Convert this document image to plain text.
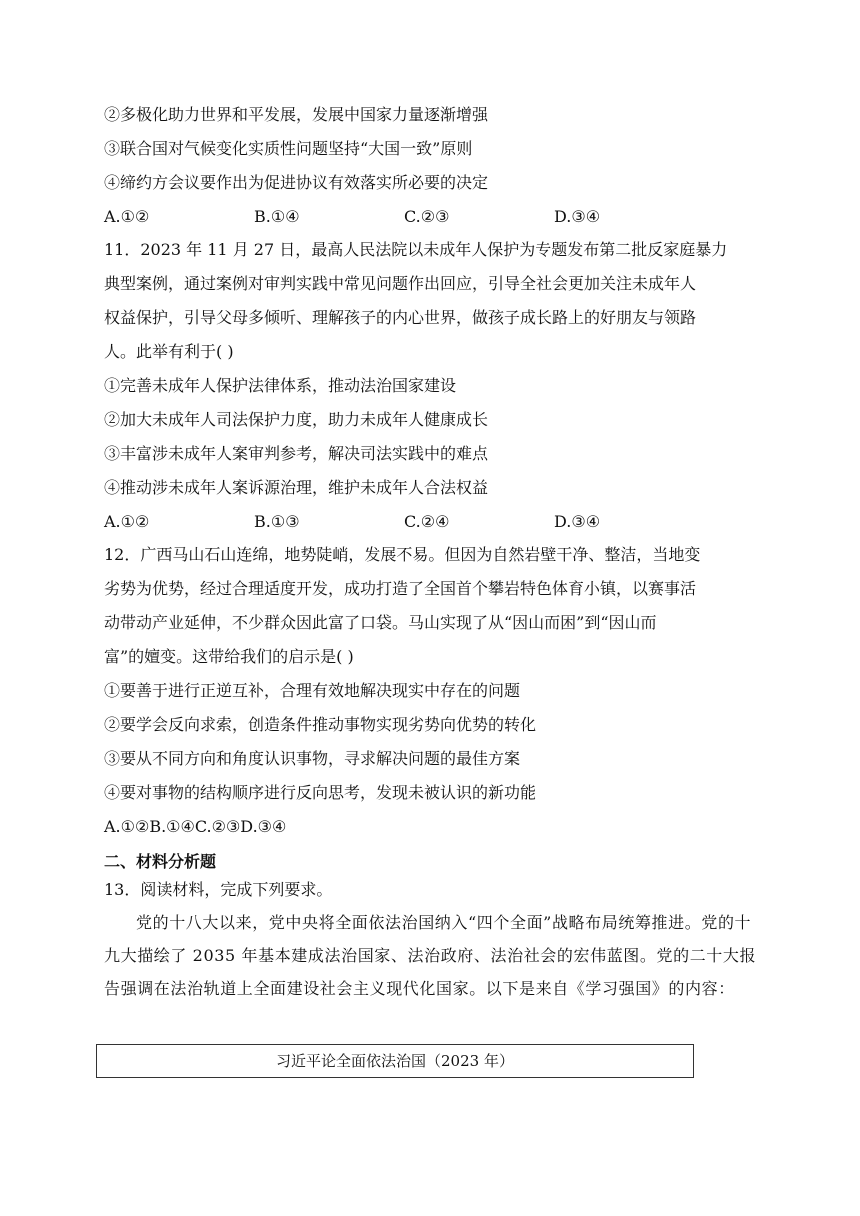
②多极化助力世界和平发展，发展中国家力量逐渐增强
③联合国对气候变化实质性问题坚持“大国一致”原则
④缔约方会议要作出为促进协议有效落实所必要的决定
A.①②	B.①④	C.②③	D.③④
11．2023 年 11 月 27 日，最高人民法院以未成年人保护为专题发布第二批反家庭暴力
典型案例，通过案例对审判实践中常见问题作出回应，引导全社会更加关注未成年人
权益保护，引导父母多倾听、理解孩子的内心世界，做孩子成长路上的好朋友与领路
人。此举有利于( )
①完善未成年人保护法律体系，推动法治国家建设
②加大未成年人司法保护力度，助力未成年人健康成长
③丰富涉未成年人案审判参考，解决司法实践中的难点
④推动涉未成年人案诉源治理，维护未成年人合法权益
A.①②	B.①③	C.②④	D.③④
12．广西马山石山连绵，地势陡峭，发展不易。但因为自然岩壁干净、整洁，当地变
劣势为优势，经过合理适度开发，成功打造了全国首个攀岩特色体育小镇，以赛事活
动带动产业延伸，不少群众因此富了口袋。马山实现了从“因山而困”到“因山而
富”的嬗变。这带给我们的启示是( )
①要善于进行正逆互补，合理有效地解决现实中存在的问题
②要学会反向求索，创造条件推动事物实现劣势向优势的转化
③要从不同方向和角度认识事物，寻求解决问题的最佳方案
④要对事物的结构顺序进行反向思考，发现未被认识的新功能
A.①②B.①④C.②③D.③④
二、材料分析题
13．阅读材料，完成下列要求。
党的十八大以来，党中央将全面依法治国纳入“四个全面”战略布局统筹推进。党的十九大描绘了 2035 年基本建成法治国家、法治政府、法治社会的宏伟蓝图。党的二十大报告强调在法治轨道上全面建设社会主义现代化国家。以下是来自《学习强国》的内容：
习近平论全面依法治国（2023 年）
